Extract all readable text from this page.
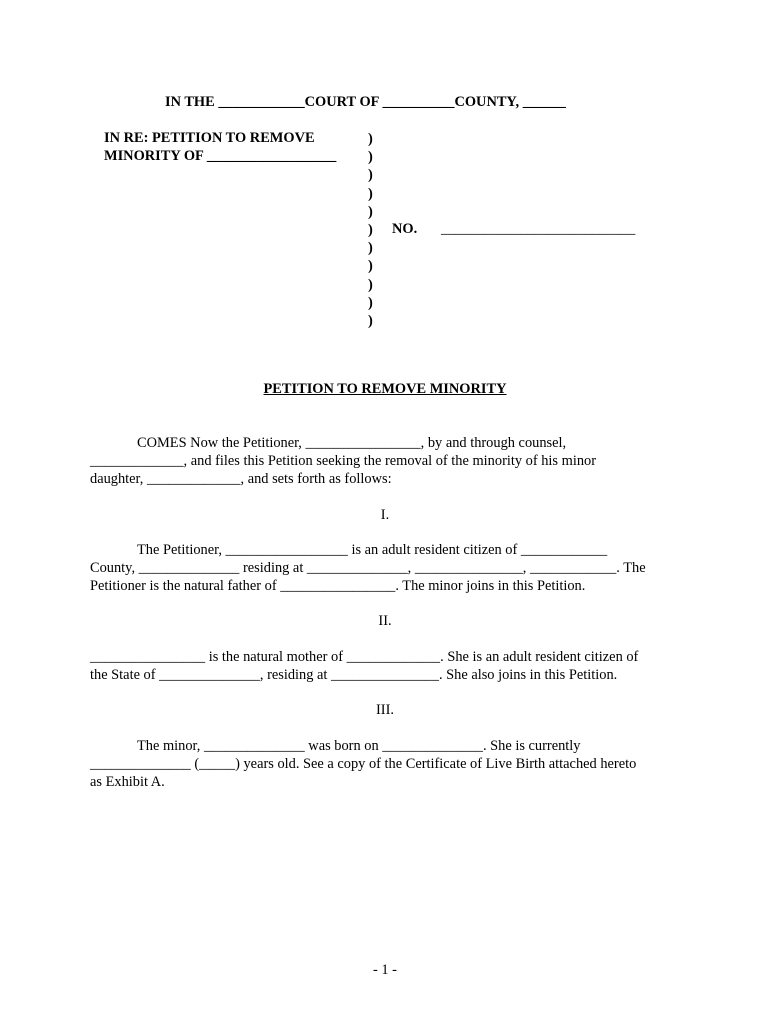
IN THE ____________COURT OF __________COUNTY, ______
IN RE: PETITION TO REMOVE
MINORITY OF __________________
)
)
)
)
)
)
)
)
)
)
)
NO. ___________________________
PETITION TO REMOVE MINORITY
COMES Now the Petitioner, ________________, by and through counsel,
_____________, and files this Petition seeking the removal of the minority of his minor
daughter, _____________, and sets forth as follows:
I.
The Petitioner, _________________ is an adult resident citizen of ____________
County, ______________ residing at ______________, _______________, ____________. The
Petitioner is the natural father of ________________. The minor joins in this Petition.
II.
________________ is the natural mother of _____________. She is an adult resident citizen of
the State of ______________, residing at _______________. She also joins in this Petition.
III.
The minor, ______________ was born on ______________. She is currently
______________ (_____) years old. See a copy of the Certificate of Live Birth attached hereto
as Exhibit A.
- 1 -
